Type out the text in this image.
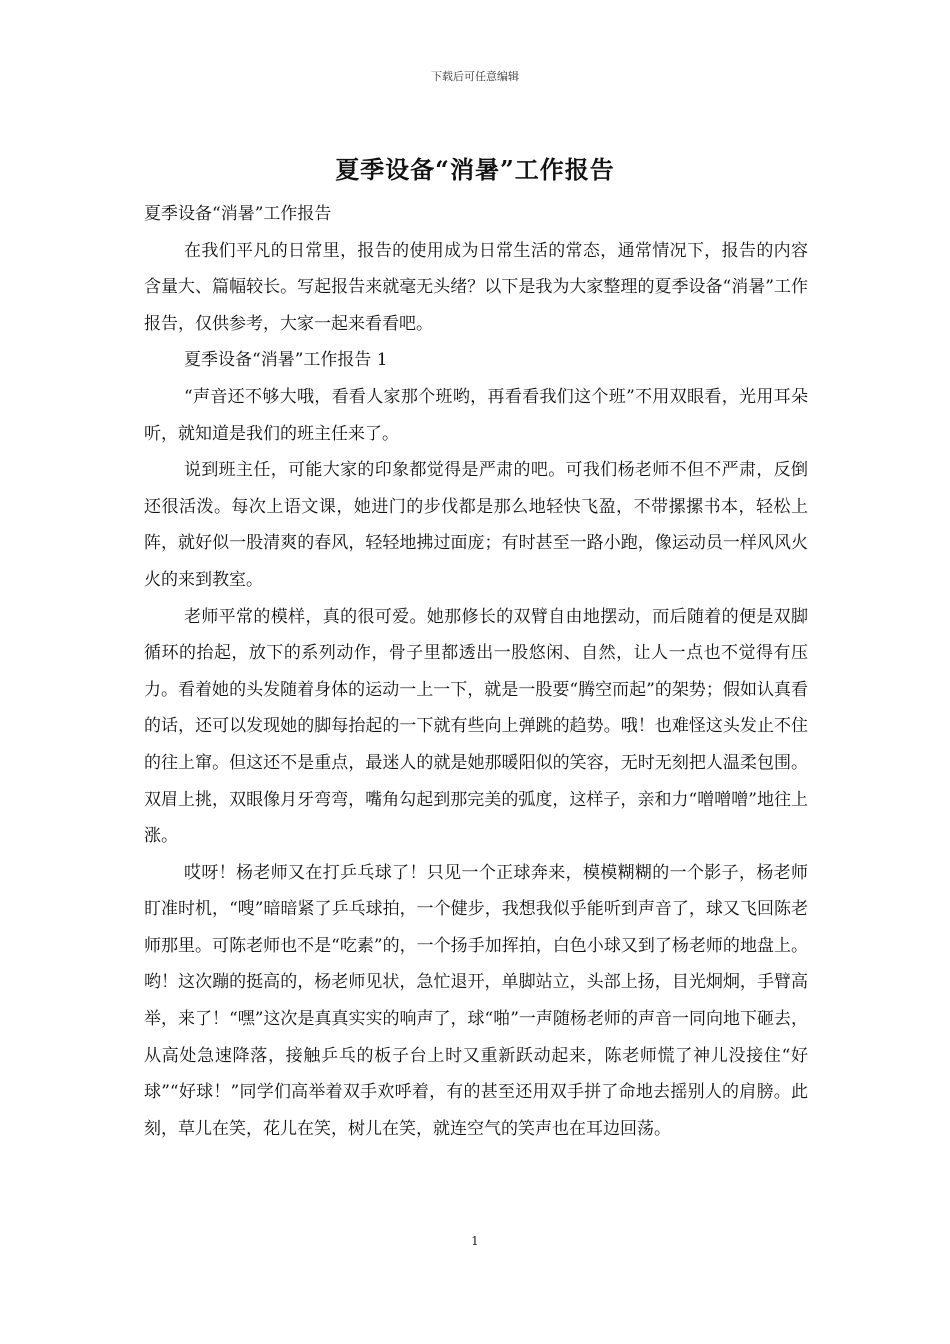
下载后可任意编辑
夏季设备“消暑”工作报告

夏季设备“消暑”工作报告

在我们平凡的日常里，报告的使用成为日常生活的常态，通常情况下，报告的内容含量大、篇幅较长。写起报告来就毫无头绪？以下是我为大家整理的夏季设备“消暑”工作报告，仅供参考，大家一起来看看吧。

夏季设备“消暑”工作报告 1

“声音还不够大哦，看看人家那个班哟，再看看我们这个班”不用双眼看，光用耳朵听，就知道是我们的班主任来了。

说到班主任，可能大家的印象都觉得是严肃的吧。可我们杨老师不但不严肃，反倒还很活泼。每次上语文课，她进门的步伐都是那么地轻快飞盈，不带摞摞书本，轻松上阵，就好似一股清爽的春风，轻轻地拂过面庞；有时甚至一路小跑，像运动员一样风风火火的来到教室。

老师平常的模样，真的很可爱。她那修长的双臂自由地摆动，而后随着的便是双脚循环的抬起，放下的系列动作，骨子里都透出一股悠闲、自然，让人一点也不觉得有压力。看着她的头发随着身体的运动一上一下，就是一股要“腾空而起”的架势；假如认真看的话，还可以发现她的脚每抬起的一下就有些向上弹跳的趋势。哦！也难怪这头发止不住的往上窜。但这还不是重点，最迷人的就是她那暖阳似的笑容，无时无刻把人温柔包围。双眉上挑，双眼像月牙弯弯，嘴角勾起到那完美的弧度，这样子，亲和力“噌噌噌”地往上涨。

哎呀！杨老师又在打乒乓球了！只见一个正球奔来，模模糊糊的一个影子，杨老师盯准时机，“嗖”暗暗紧了乒乓球拍，一个健步，我想我似乎能听到声音了，球又飞回陈老师那里。可陈老师也不是“吃素”的，一个扬手加挥拍，白色小球又到了杨老师的地盘上。哟！这次蹦的挺高的，杨老师见状，急忙退开，单脚站立，头部上扬，目光炯炯，手臂高举，来了！“嘿”这次是真真实实的响声了，球“啪”一声随杨老师的声音一同向地下砸去，从高处急速降落，接触乒乓的板子台上时又重新跃动起来，陈老师慌了神儿没接住“好球”“好球！”同学们高举着双手欢呼着，有的甚至还用双手拼了命地去摇别人的肩膀。此刻，草儿在笑，花儿在笑，树儿在笑，就连空气的笑声也在耳边回荡。

1
